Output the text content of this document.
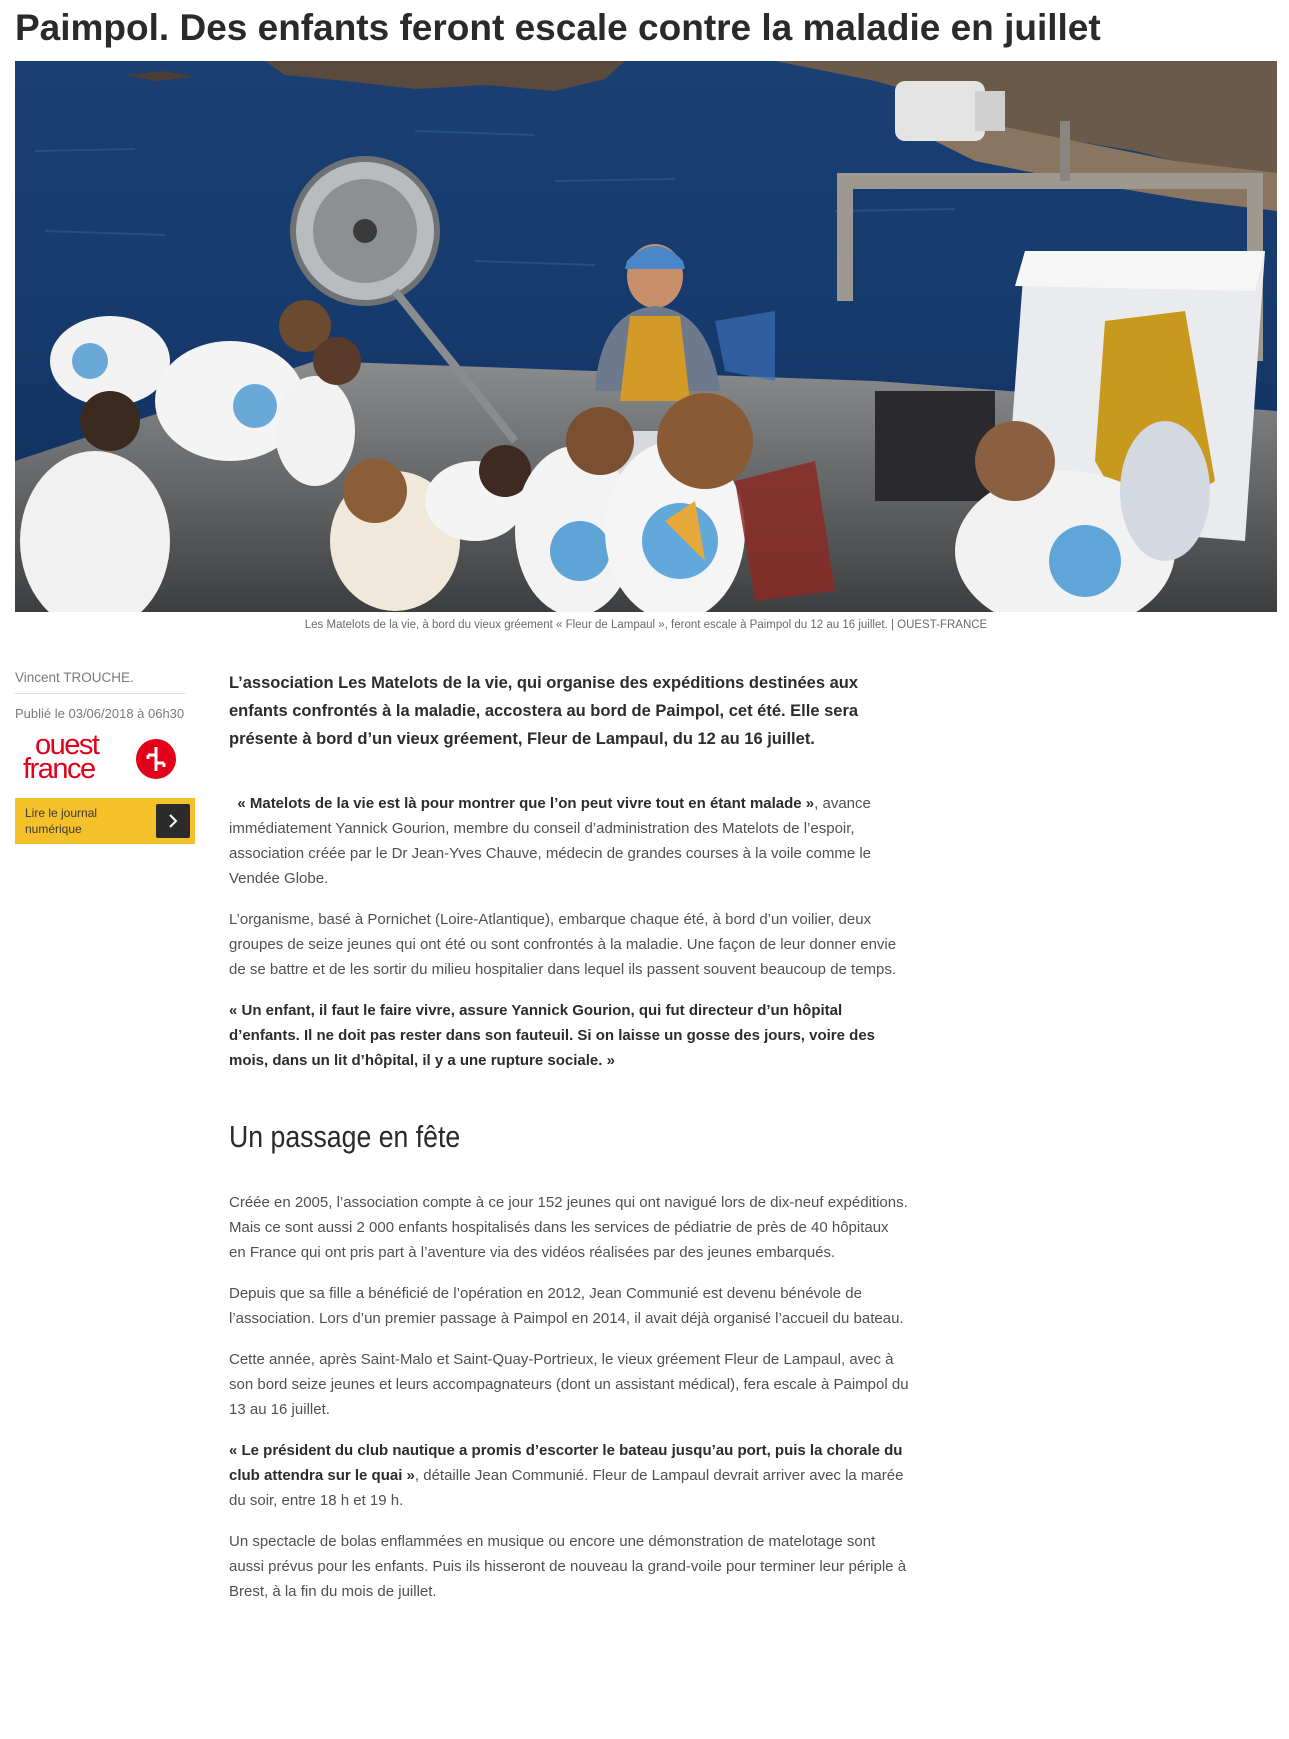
Paimpol. Des enfants feront escale contre la maladie en juillet
Les Matelots de la vie, à bord du vieux gréement « Fleur de Lampaul », feront escale à Paimpol du 12 au 16 juillet. | OUEST-FRANCE
Vincent TROUCHE.
Publié le 03/06/2018 à 06h30
ouest
france
Lire le journal numérique

L’association Les Matelots de la vie, qui organise des expéditions destinées aux enfants confrontés à la maladie, accostera au bord de Paimpol, cet été. Elle sera présente à bord d’un vieux gréement, Fleur de Lampaul, du 12 au 16 juillet.

« Matelots de la vie est là pour montrer que l’on peut vivre tout en étant malade », avance immédiatement Yannick Gourion, membre du conseil d’administration des Matelots de l’espoir, association créée par le Dr Jean-Yves Chauve, médecin de grandes courses à la voile comme le Vendée Globe.

L’organisme, basé à Pornichet (Loire-Atlantique), embarque chaque été, à bord d’un voilier, deux groupes de seize jeunes qui ont été ou sont confrontés à la maladie. Une façon de leur donner envie de se battre et de les sortir du milieu hospitalier dans lequel ils passent souvent beaucoup de temps.

« Un enfant, il faut le faire vivre, assure Yannick Gourion, qui fut directeur d’un hôpital d’enfants. Il ne doit pas rester dans son fauteuil. Si on laisse un gosse des jours, voire des mois, dans un lit d’hôpital, il y a une rupture sociale. »

Un passage en fête

Créée en 2005, l’association compte à ce jour 152 jeunes qui ont navigué lors de dix-neuf expéditions. Mais ce sont aussi 2 000 enfants hospitalisés dans les services de pédiatrie de près de 40 hôpitaux en France qui ont pris part à l’aventure via des vidéos réalisées par des jeunes embarqués.

Depuis que sa fille a bénéficié de l’opération en 2012, Jean Communié est devenu bénévole de l’association. Lors d’un premier passage à Paimpol en 2014, il avait déjà organisé l’accueil du bateau.

Cette année, après Saint-Malo et Saint-Quay-Portrieux, le vieux gréement Fleur de Lampaul, avec à son bord seize jeunes et leurs accompagnateurs (dont un assistant médical), fera escale à Paimpol du 13 au 16 juillet.

« Le président du club nautique a promis d’escorter le bateau jusqu’au port, puis la chorale du club attendra sur le quai », détaille Jean Communié. Fleur de Lampaul devrait arriver avec la marée du soir, entre 18 h et 19 h.

Un spectacle de bolas enflammées en musique ou encore une démonstration de matelotage sont aussi prévus pour les enfants. Puis ils hisseront de nouveau la grand-voile pour terminer leur périple à Brest, à la fin du mois de juillet.
